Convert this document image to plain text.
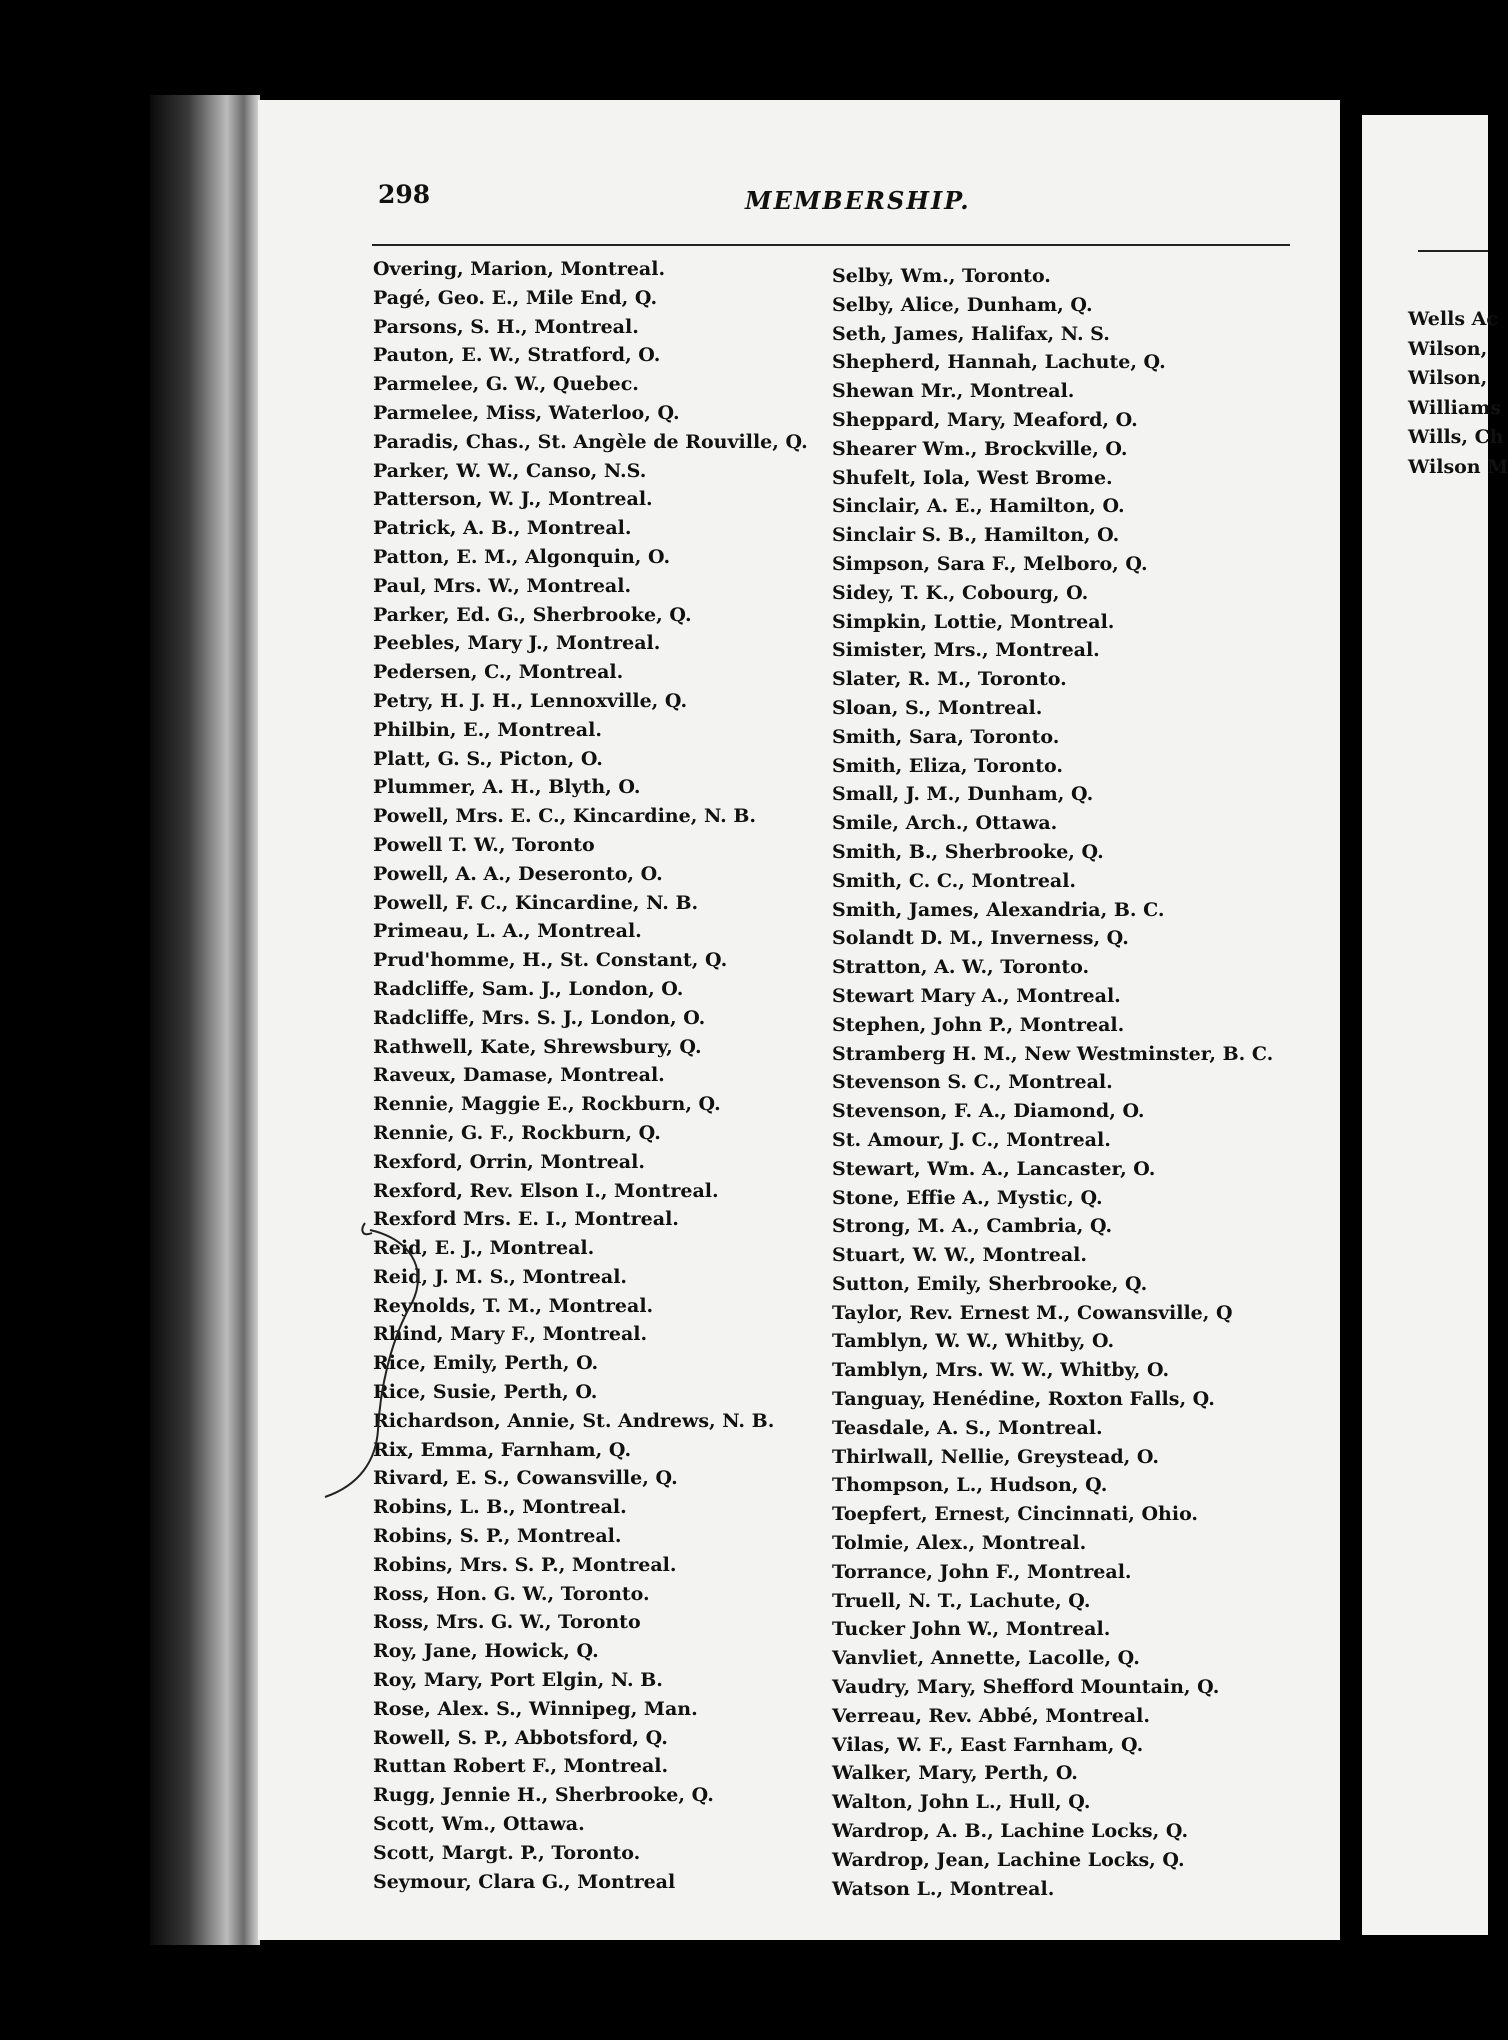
298	MEMBERSHIP.
Overing, Marion, Montreal.
Pagé, Geo. E., Mile End, Q.
Parsons, S. H., Montreal.
Pauton, E. W., Stratford, O.
Parmelee, G. W., Quebec.
Parmelee, Miss, Waterloo, Q.
Paradis, Chas., St. Angèle de Rouville, Q.
Parker, W. W., Canso, N.S.
Patterson, W. J., Montreal.
Patrick, A. B., Montreal.
Patton, E. M., Algonquin, O.
Paul, Mrs. W., Montreal.
Parker, Ed. G., Sherbrooke, Q.
Peebles, Mary J., Montreal.
Pedersen, C., Montreal.
Petry, H. J. H., Lennoxville, Q.
Philbin, E., Montreal.
Platt, G. S., Picton, O.
Plummer, A. H., Blyth, O.
Powell, Mrs. E. C., Kincardine, N. B.
Powell T. W., Toronto
Powell, A. A., Deseronto, O.
Powell, F. C., Kincardine, N. B.
Primeau, L. A., Montreal.
Prud'homme, H., St. Constant, Q.
Radcliffe, Sam. J., London, O.
Radcliffe, Mrs. S. J., London, O.
Rathwell, Kate, Shrewsbury, Q.
Raveux, Damase, Montreal.
Rennie, Maggie E., Rockburn, Q.
Rennie, G. F., Rockburn, Q.
Rexford, Orrin, Montreal.
Rexford, Rev. Elson I., Montreal.
Rexford Mrs. E. I., Montreal.
Reid, E. J., Montreal.
Reid, J. M. S., Montreal.
Reynolds, T. M., Montreal.
Rhind, Mary F., Montreal.
Rice, Emily, Perth, O.
Rice, Susie, Perth, O.
Richardson, Annie, St. Andrews, N. B.
Rix, Emma, Farnham, Q.
Rivard, E. S., Cowansville, Q.
Robins, L. B., Montreal.
Robins, S. P., Montreal.
Robins, Mrs. S. P., Montreal.
Ross, Hon. G. W., Toronto.
Ross, Mrs. G. W., Toronto
Roy, Jane, Howick, Q.
Roy, Mary, Port Elgin, N. B.
Rose, Alex. S., Winnipeg, Man.
Rowell, S. P., Abbotsford, Q.
Ruttan Robert F., Montreal.
Rugg, Jennie H., Sherbrooke, Q.
Scott, Wm., Ottawa.
Scott, Margt. P., Toronto.
Seymour, Clara G., Montreal
Selby, Wm., Toronto.
Selby, Alice, Dunham, Q.
Seth, James, Halifax, N. S.
Shepherd, Hannah, Lachute, Q.
Shewan Mr., Montreal.
Sheppard, Mary, Meaford, O.
Shearer Wm., Brockville, O.
Shufelt, Iola, West Brome.
Sinclair, A. E., Hamilton, O.
Sinclair S. B., Hamilton, O.
Simpson, Sara F., Melboro, Q.
Sidey, T. K., Cobourg, O.
Simpkin, Lottie, Montreal.
Simister, Mrs., Montreal.
Slater, R. M., Toronto.
Sloan, S., Montreal.
Smith, Sara, Toronto.
Smith, Eliza, Toronto.
Small, J. M., Dunham, Q.
Smile, Arch., Ottawa.
Smith, B., Sherbrooke, Q.
Smith, C. C., Montreal.
Smith, James, Alexandria, B. C.
Solandt D. M., Inverness, Q.
Stratton, A. W., Toronto.
Stewart Mary A., Montreal.
Stephen, John P., Montreal.
Stramberg H. M., New Westminster, B. C.
Stevenson S. C., Montreal.
Stevenson, F. A., Diamond, O.
St. Amour, J. C., Montreal.
Stewart, Wm. A., Lancaster, O.
Stone, Effie A., Mystic, Q.
Strong, M. A., Cambria, Q.
Stuart, W. W., Montreal.
Sutton, Emily, Sherbrooke, Q.
Taylor, Rev. Ernest M., Cowansville, Q
Tamblyn, W. W., Whitby, O.
Tamblyn, Mrs. W. W., Whitby, O.
Tanguay, Henédine, Roxton Falls, Q.
Teasdale, A. S., Montreal.
Thirlwall, Nellie, Greystead, O.
Thompson, L., Hudson, Q.
Toepfert, Ernest, Cincinnati, Ohio.
Tolmie, Alex., Montreal.
Torrance, John F., Montreal.
Truell, N. T., Lachute, Q.
Tucker John W., Montreal.
Vanvliet, Annette, Lacolle, Q.
Vaudry, Mary, Shefford Mountain, Q.
Verreau, Rev. Abbé, Montreal.
Vilas, W. F., East Farnham, Q.
Walker, Mary, Perth, O.
Walton, John L., Hull, Q.
Wardrop, A. B., Lachine Locks, Q.
Wardrop, Jean, Lachine Locks, Q.
Watson L., Montreal.
Wells Ac
Wilson,
Wilson,
Williams
Wills, Ch
Wilson M
